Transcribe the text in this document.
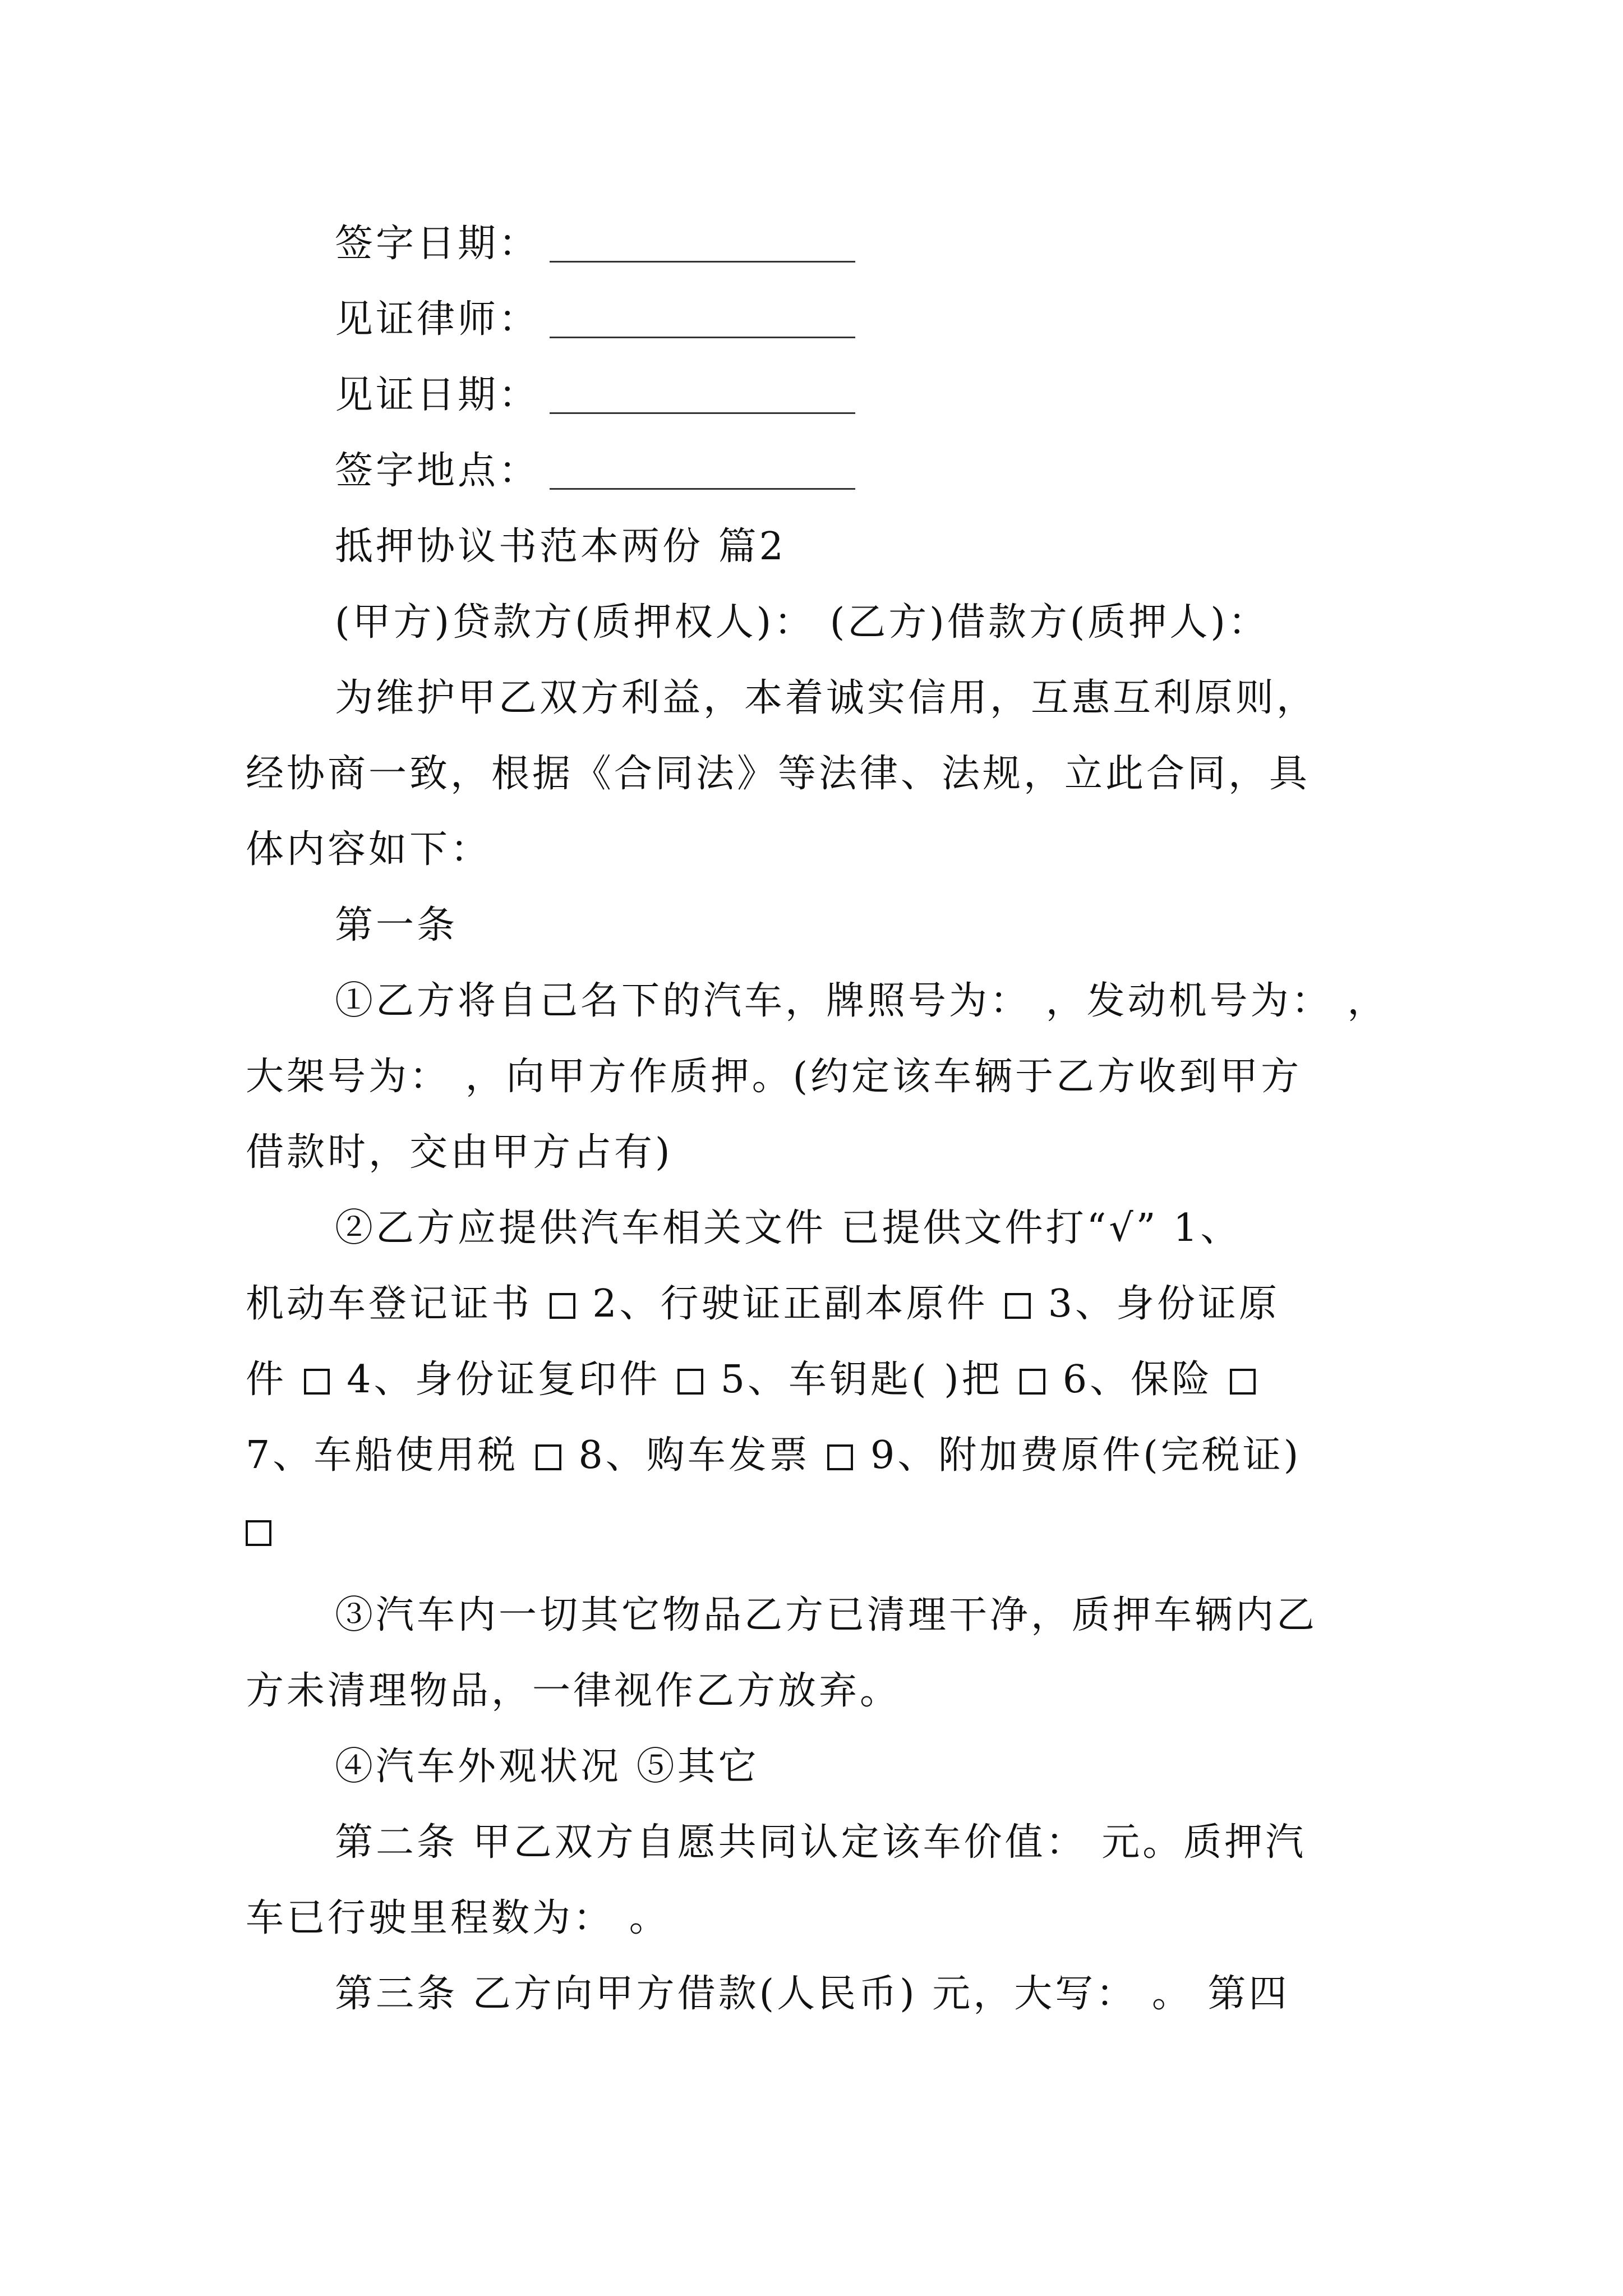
签字日期：
见证律师：
见证日期：
签字地点：
抵押协议书范本两份 篇2
(甲方)贷款方(质押权人)： (乙方)借款方(质押人)：
为维护甲乙双方利益，本着诚实信用，互惠互利原则，
经协商一致，根据《合同法》等法律、法规，立此合同，具
体内容如下：
第一条
①乙方将自己名下的汽车，牌照号为： ，发动机号为： ，
大架号为： ，向甲方作质押。(约定该车辆于乙方收到甲方
借款时，交由甲方占有)
②乙方应提供汽车相关文件 已提供文件打“√” 1、
机动车登记证书  2、行驶证正副本原件  3、身份证原
件  4、身份证复印件  5、车钥匙( )把  6、保险
7、车船使用税  8、购车发票  9、附加费原件(完税证)
③汽车内一切其它物品乙方已清理干净，质押车辆内乙
方未清理物品，一律视作乙方放弃。
④汽车外观状况 ⑤其它
第二条 甲乙双方自愿共同认定该车价值： 元。质押汽
车已行驶里程数为： 。
第三条 乙方向甲方借款(人民币) 元，大写： 。 第四
